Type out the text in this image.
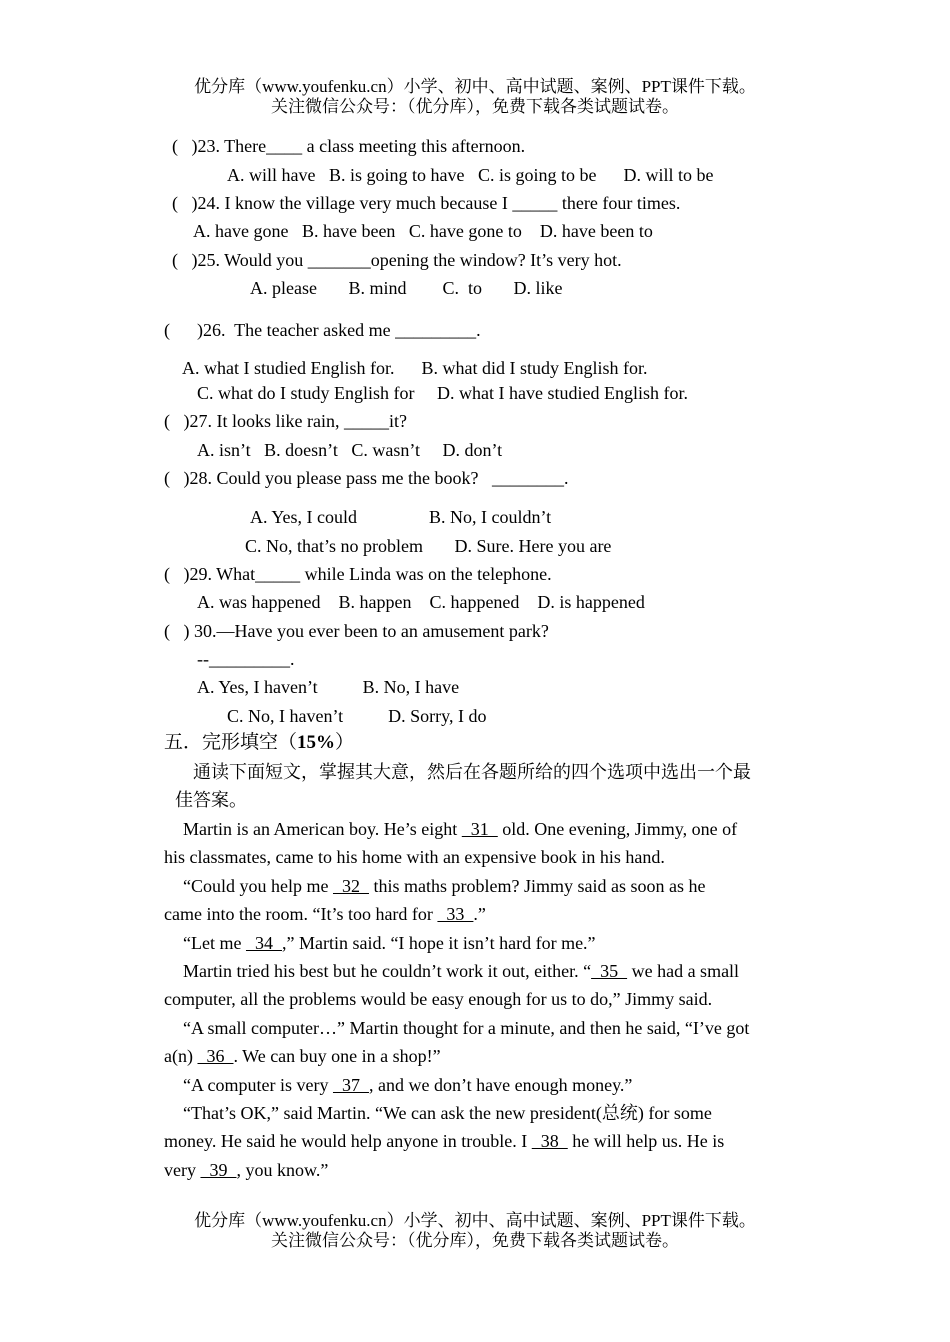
优分库（www.youfenku.cn）小学、初中、高中试题、案例、PPT课件下载。
关注微信公众号：（优分库），免费下载各类试题试卷。
(   )23. There____ a class meeting this afternoon.
A. will have   B. is going to have   C. is going to be      D. will to be
(   )24. I know the village very much because I _____ there four times.
A. have gone   B. have been   C. have gone to    D. have been to
(   )25. Would you _______opening the window? It’s very hot.
A. please       B. mind        C.  to       D. like
(      )26.  The teacher asked me _________.
A. what I studied English for.      B. what did I study English for.
C. what do I study English for     D. what I have studied English for.
(   )27. It looks like rain, _____it?
A. isn’t   B. doesn’t   C. wasn’t     D. don’t
(   )28. Could you please pass me the book?   ________.
A. Yes, I could                B. No, I couldn’t
C. No, that’s no problem       D. Sure. Here you are
(   )29. What_____ while Linda was on the telephone.
A. was happened    B. happen    C. happened    D. is happened
(   ) 30.—Have you ever been to an amusement park?
--_________.
A. Yes, I haven’t          B. No, I have
C. No, I haven’t          D. Sorry, I do
五．完形填空（15%）
通读下面短文，掌握其大意，然后在各题所给的四个选项中选出一个最
佳答案。
Martin is an American boy. He’s eight   31   old. One evening, Jimmy, one of
his classmates, came to his home with an expensive book in his hand.
“Could you help me   32   this maths problem? Jimmy said as soon as he
came into the room. “It’s too hard for   33  .”
“Let me   34  ,” Martin said. “I hope it isn’t hard for me.”
Martin tried his best but he couldn’t work it out, either. “  35   we had a small
computer, all the problems would be easy enough for us to do,” Jimmy said.
“A small computer…” Martin thought for a minute, and then he said, “I’ve got
a(n)   36  . We can buy one in a shop!”
“A computer is very   37  , and we don’t have enough money.”
“That’s OK,” said Martin. “We can ask the new president(总统) for some
money. He said he would help anyone in trouble. I   38   he will help us. He is
very   39  , you know.”
优分库（www.youfenku.cn）小学、初中、高中试题、案例、PPT课件下载。
关注微信公众号：（优分库），免费下载各类试题试卷。
